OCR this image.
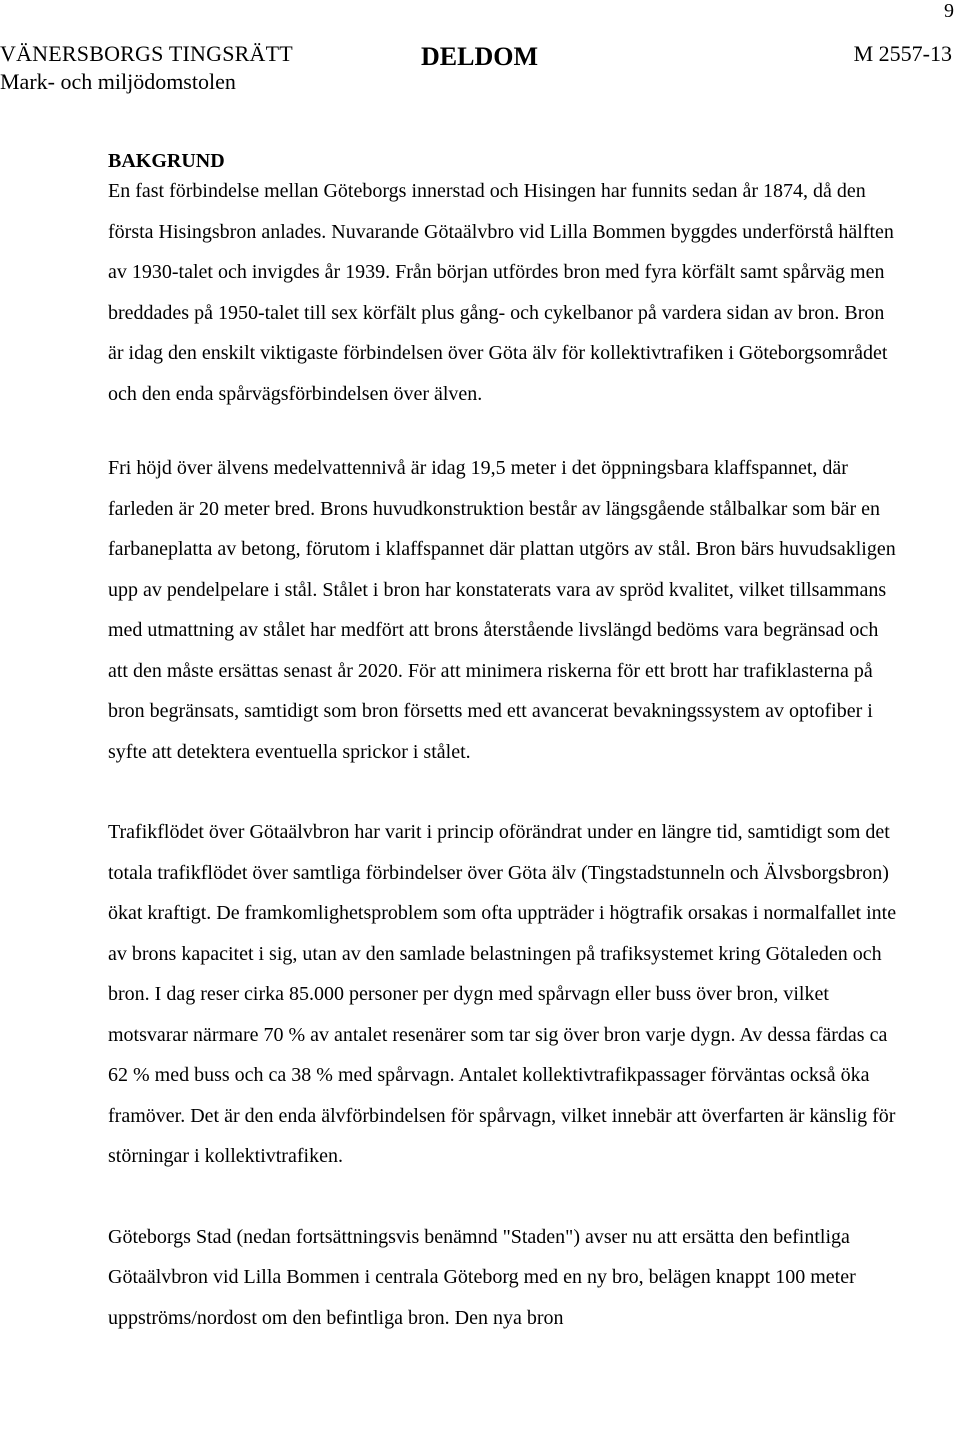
9
VÄNERSBORGS TINGSRÄTT
Mark- och miljödomstolen
DELDOM	M 2557-13
BAKGRUND

En fast förbindelse mellan Göteborgs innerstad och Hisingen har funnits sedan år 1874, då den första Hisingsbron anlades. Nuvarande Götaälvbro vid Lilla Bommen byggdes underförstå hälften av 1930-talet och invigdes år 1939. Från början utfördes bron med fyra körfält samt spårväg men breddades på 1950-talet till sex körfält plus gång- och cykelbanor på vardera sidan av bron. Bron är idag den enskilt viktigaste förbindelsen över Göta älv för kollektivtrafiken i Göteborgsområdet och den enda spårvägsförbindelsen över älven.

Fri höjd över älvens medelvattennivå är idag 19,5 meter i det öppningsbara klaffspannet, där farleden är 20 meter bred. Brons huvudkonstruktion består av längsgående stålbalkar som bär en farbaneplatta av betong, förutom i klaffspannet där plattan utgörs av stål. Bron bärs huvudsakligen upp av pendelpelare i stål. Stålet i bron har konstaterats vara av spröd kvalitet, vilket tillsammans med utmattning av stålet har medfört att brons återstående livslängd bedöms vara begränsad och att den måste ersättas senast år 2020. För att minimera riskerna för ett brott har trafiklasterna på bron begränsats, samtidigt som bron försetts med ett avancerat bevakningssystem av optofiber i syfte att detektera eventuella sprickor i stålet.

Trafikflödet över Götaälvbron har varit i princip oförändrat under en längre tid, samtidigt som det totala trafikflödet över samtliga förbindelser över Göta älv (Tingstadstunneln och Älvsborgsbron) ökat kraftigt. De framkomlighetsproblem som ofta uppträder i högtrafik orsakas i normalfallet inte av brons kapacitet i sig, utan av den samlade belastningen på trafiksystemet kring Götaleden och bron. I dag reser cirka 85.000 personer per dygn med spårvagn eller buss över bron, vilket motsvarar närmare 70 % av antalet resenärer som tar sig över bron varje dygn. Av dessa färdas ca 62 % med buss och ca 38 % med spårvagn. Antalet kollektivtrafikpassager förväntas också öka framöver. Det är den enda älvförbindelsen för spårvagn, vilket innebär att överfarten är känslig för störningar i kollektivtrafiken.

Göteborgs Stad (nedan fortsättningsvis benämnd "Staden") avser nu att ersätta den befintliga Götaälvbron vid Lilla Bommen i centrala Göteborg med en ny bro, belägen knappt 100 meter uppströms/nordost om den befintliga bron. Den nya bron
